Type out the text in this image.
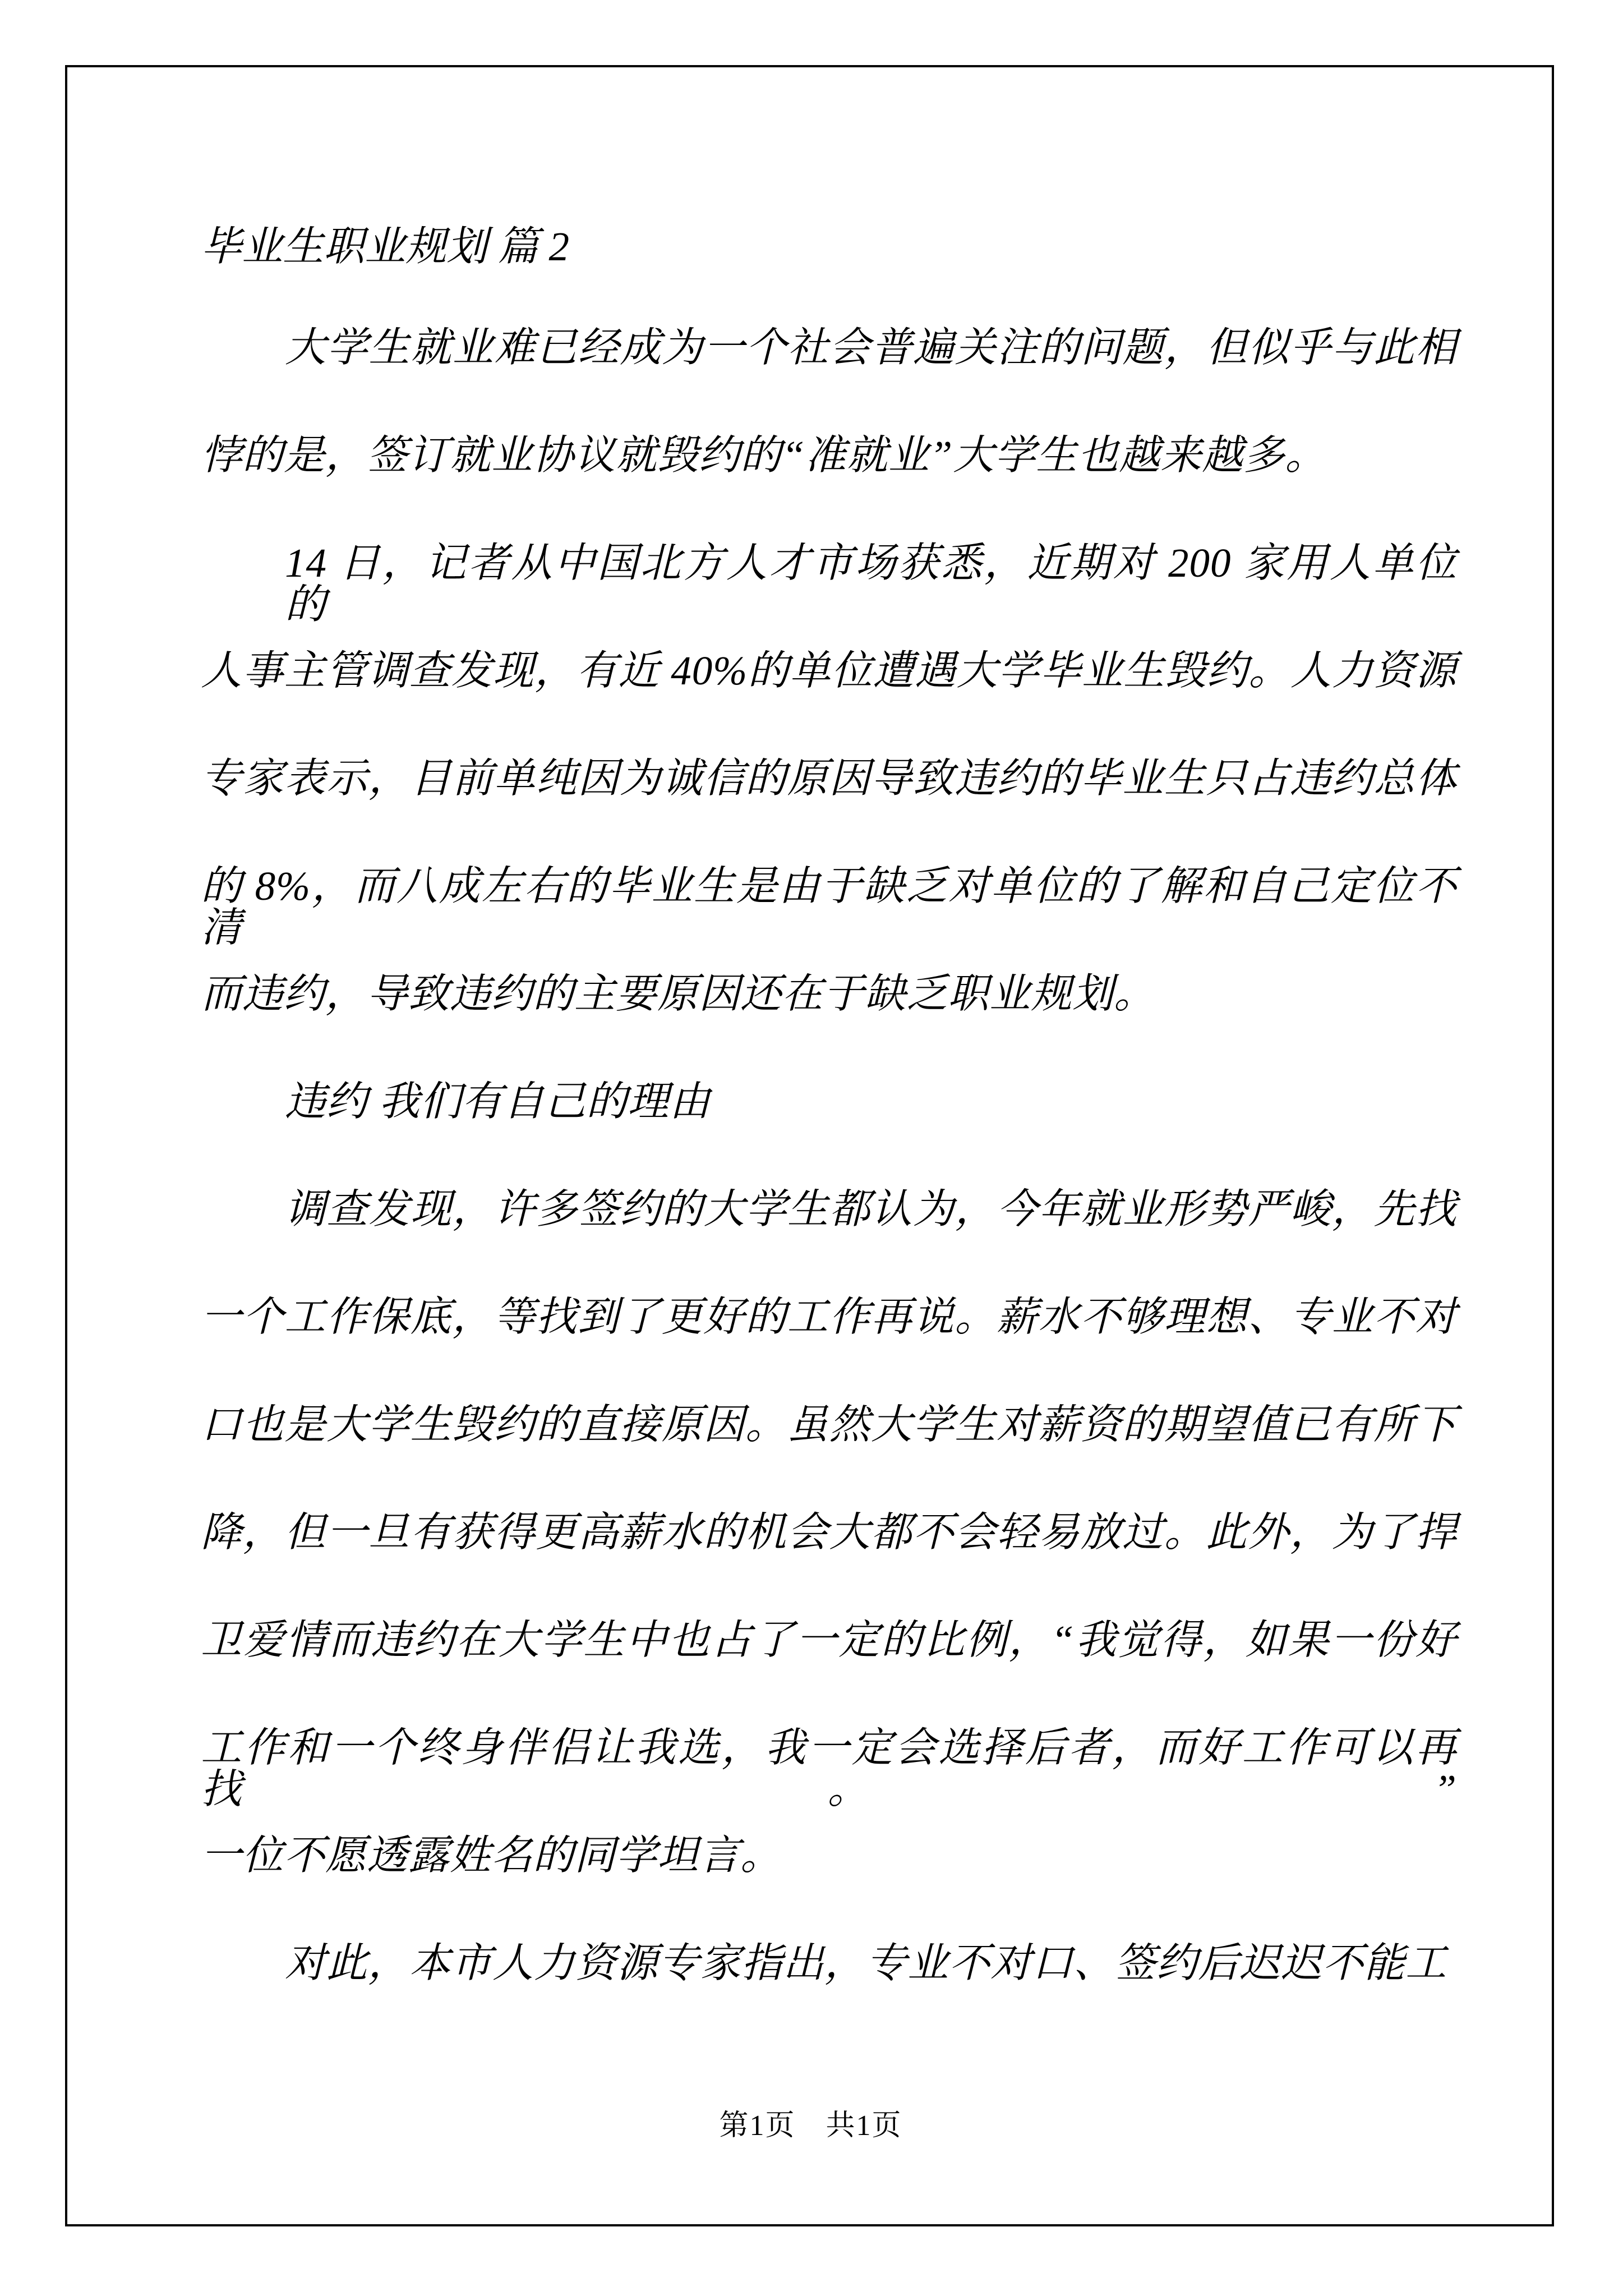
毕业生职业规划 篇 2
大学生就业难已经成为一个社会普遍关注的问题，但似乎与此相
悖的是，签订就业协议就毁约的“准就业”大学生也越来越多。
14 日，记者从中国北方人才市场获悉，近期对 200 家用人单位的
人事主管调查发现，有近 40%的单位遭遇大学毕业生毁约。人力资源
专家表示，目前单纯因为诚信的原因导致违约的毕业生只占违约总体
的 8%，而八成左右的毕业生是由于缺乏对单位的了解和自己定位不清
而违约，导致违约的主要原因还在于缺乏职业规划。
违约 我们有自己的理由
调查发现，许多签约的大学生都认为，今年就业形势严峻，先找
一个工作保底，等找到了更好的工作再说。薪水不够理想、专业不对
口也是大学生毁约的直接原因。虽然大学生对薪资的期望值已有所下
降，但一旦有获得更高薪水的机会大都不会轻易放过。此外，为了捍
卫爱情而违约在大学生中也占了一定的比例，“我觉得，如果一份好
工作和一个终身伴侣让我选，我一定会选择后者，而好工作可以再找。”
一位不愿透露姓名的同学坦言。
对此，本市人力资源专家指出，专业不对口、签约后迟迟不能工
第1页　共1页
